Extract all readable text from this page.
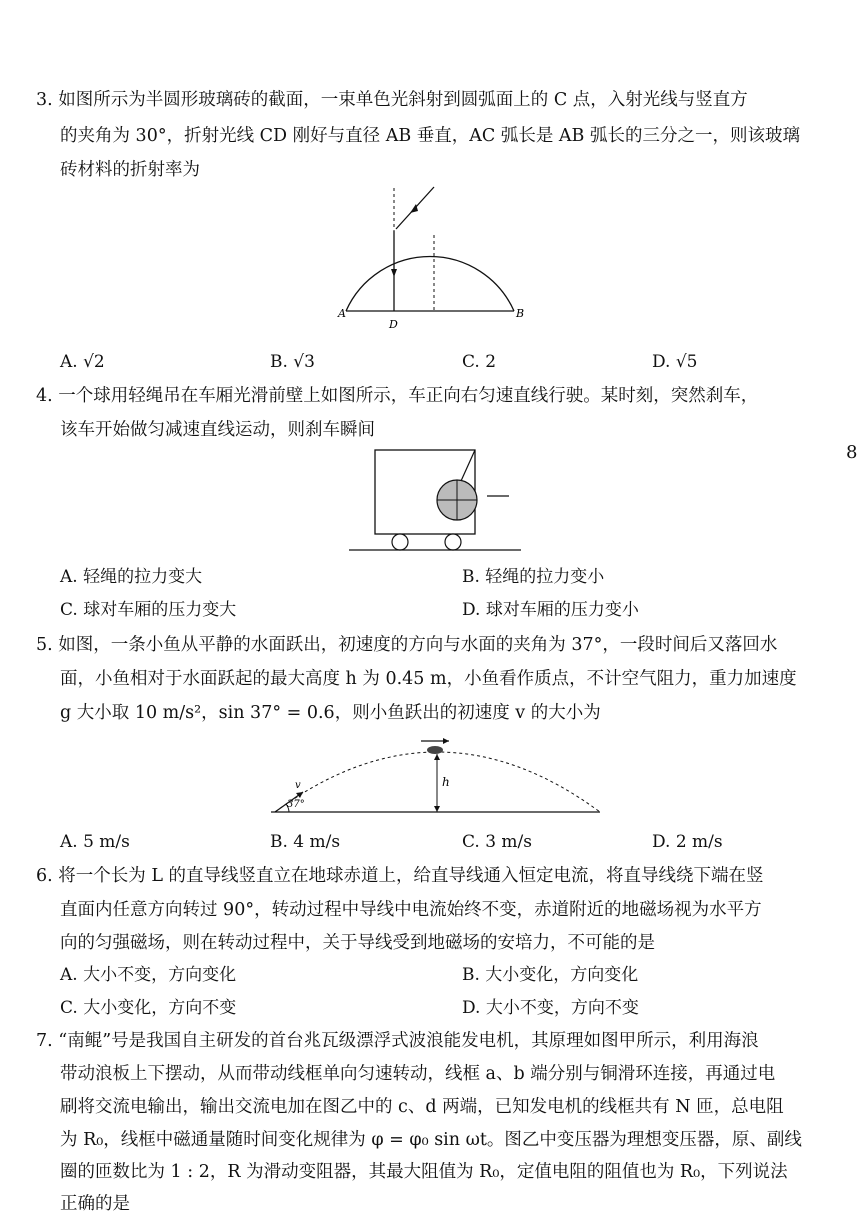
3. 如图所示为半圆形玻璃砖的截面，一束单色光斜射到圆弧面上的 C 点，入射光线与竖直方
的夹角为 30°，折射光线 CD 刚好与直径 AB 垂直，AC 弧长是 AB 弧长的三分之一，则该玻璃
砖材料的折射率为
A
D
B
A. √2	B. √3	C. 2	D. √5
4. 一个球用轻绳吊在车厢光滑前壁上如图所示，车正向右匀速直线行驶。某时刻，突然刹车，
该车开始做匀减速直线运动，则刹车瞬间
8
A. 轻绳的拉力变大	B. 轻绳的拉力变小
C. 球对车厢的压力变大	D. 球对车厢的压力变小
5. 如图，一条小鱼从平静的水面跃出，初速度的方向与水面的夹角为 37°，一段时间后又落回水
面，小鱼相对于水面跃起的最大高度 h 为 0.45 m，小鱼看作质点，不计空气阻力，重力加速度
g 大小取 10 m/s²，sin 37° = 0.6，则小鱼跃出的初速度 v 的大小为
37°
v	h
A. 5 m/s	B. 4 m/s	C. 3 m/s	D. 2 m/s
6. 将一个长为 L 的直导线竖直立在地球赤道上，给直导线通入恒定电流，将直导线绕下端在竖
直面内任意方向转过 90°，转动过程中导线中电流始终不变，赤道附近的地磁场视为水平方
向的匀强磁场，则在转动过程中，关于导线受到地磁场的安培力，不可能的是
A. 大小不变，方向变化	B. 大小变化，方向变化
C. 大小变化，方向不变	D. 大小不变，方向不变
7. “南鲲”号是我国自主研发的首台兆瓦级漂浮式波浪能发电机，其原理如图甲所示，利用海浪
带动浪板上下摆动，从而带动线框单向匀速转动，线框 a、b 端分别与铜滑环连接，再通过电
刷将交流电输出，输出交流电加在图乙中的 c、d 两端，已知发电机的线框共有 N 匝，总电阻
为 R₀，线框中磁通量随时间变化规律为 φ = φ₀ sin ωt。图乙中变压器为理想变压器，原、副线
圈的匝数比为 1 : 2，R 为滑动变阻器，其最大阻值为 R₀，定值电阻的阻值也为 R₀，下列说法
正确的是
